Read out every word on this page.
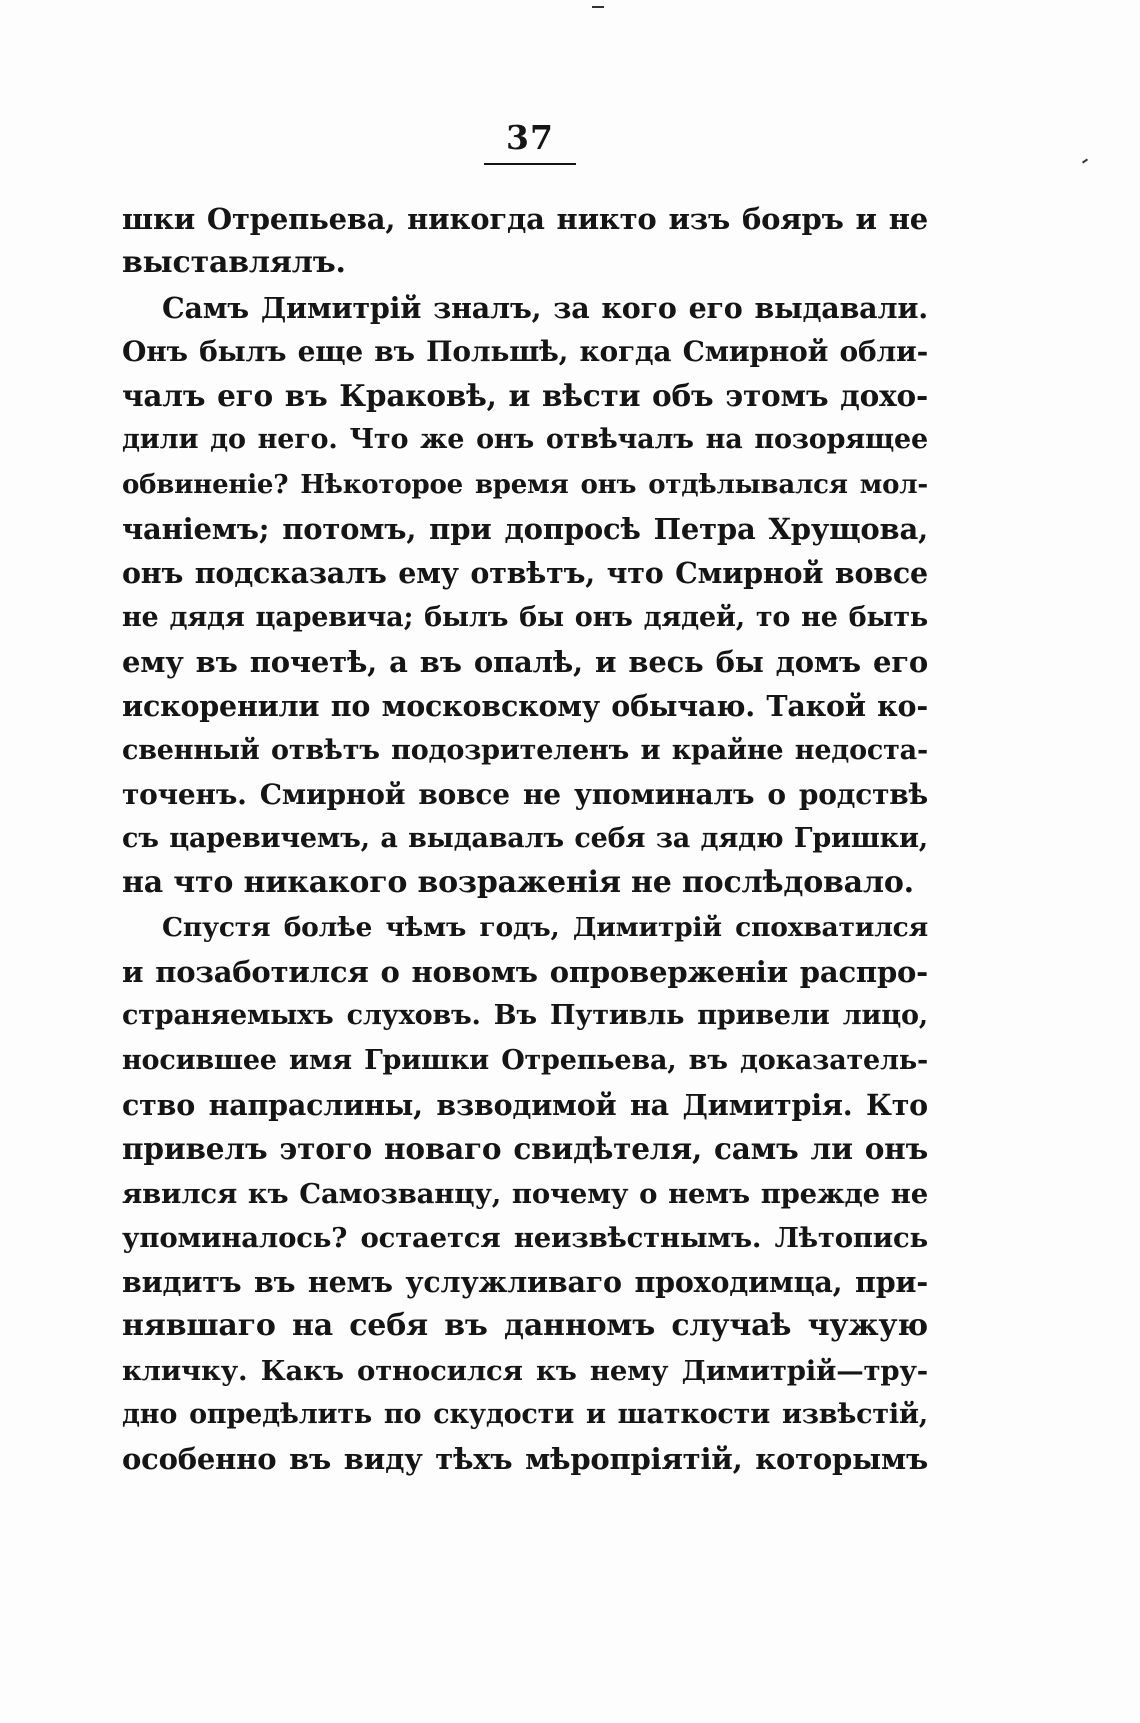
37
шки Отрепьева, никогда никто изъ бояръ и не
выставлялъ.
Самъ Димитрій зналъ, за кого его выдавали.
Онъ былъ еще въ Польшѣ, когда Смирной обли-
чалъ его въ Краковѣ, и вѣсти объ этомъ дохо-
дили до него. Что же онъ отвѣчалъ на позорящее
обвиненіе? Нѣкоторое время онъ отдѣлывался мол-
чаніемъ; потомъ, при допросѣ Петра Хрущова,
онъ подсказалъ ему отвѣтъ, что Смирной вовсе
не дядя царевича; былъ бы онъ дядей, то не быть
ему въ почетѣ, а въ опалѣ, и весь бы домъ его
искоренили по московскому обычаю. Такой ко-
свенный отвѣтъ подозрителенъ и крайне недоста-
точенъ. Смирной вовсе не упоминалъ о родствѣ
съ царевичемъ, а выдавалъ себя за дядю Гришки,
на что никакого возраженія не послѣдовало.
Спустя болѣе чѣмъ годъ, Димитрій спохватился
и позаботился о новомъ опроверженіи распро-
страняемыхъ слуховъ. Въ Путивль привели лицо,
носившее имя Гришки Отрепьева, въ доказатель-
ство напраслины, взводимой на Димитрія. Кто
привелъ этого новаго свидѣтеля, самъ ли онъ
явился къ Самозванцу, почему о немъ прежде не
упоминалось? остается неизвѣстнымъ. Лѣтопись
видитъ въ немъ услужливаго проходимца, при-
нявшаго на себя въ данномъ случаѣ чужую
кличку. Какъ относился къ нему Димитрій—тру-
дно опредѣлить по скудости и шаткости извѣстій,
особенно въ виду тѣхъ мѣропріятій, которымъ
